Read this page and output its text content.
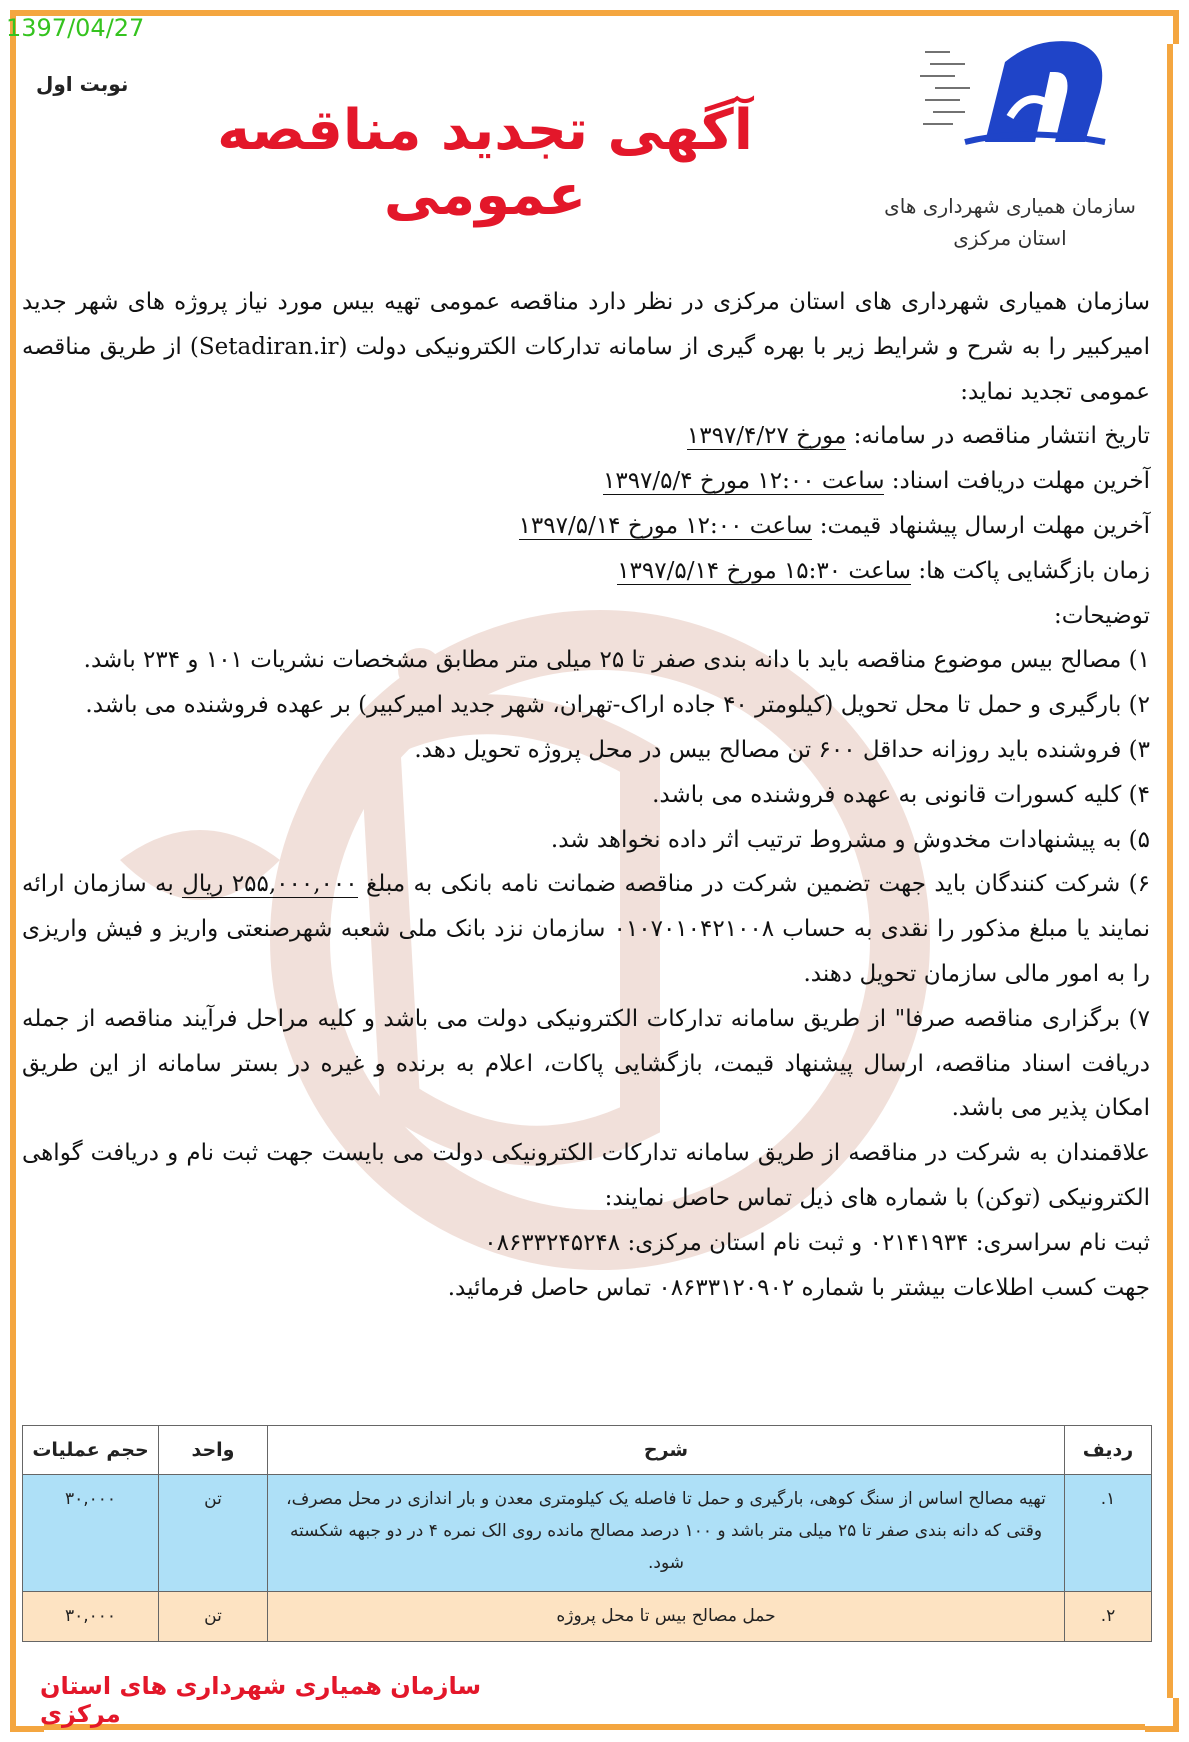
1397/04/27
نوبت اول
آگهی تجدید مناقصه عمومی	سازمان همیاری شهرداری های
استان مرکزی

سازمان همیاری شهرداری های استان مرکزی در نظر دارد مناقصه عمومی تهیه بیس مورد نیاز پروژه های شهر جدید امیرکبیر را به شرح و شرایط زیر با بهره گیری از سامانه تدارکات الکترونیکی دولت (Setadiran.ir) از طریق مناقصه عمومی تجدید نماید:

تاریخ انتشار مناقصه در سامانه: مورخ ۱۳۹۷/۴/۲۷

آخرین مهلت دریافت اسناد: ساعت ۱۲:۰۰ مورخ ۱۳۹۷/۵/۴

آخرین مهلت ارسال پیشنهاد قیمت: ساعت ۱۲:۰۰ مورخ ۱۳۹۷/۵/۱۴

زمان بازگشایی پاکت ها: ساعت ۱۵:۳۰ مورخ ۱۳۹۷/۵/۱۴

توضیحات:

۱) مصالح بیس موضوع مناقصه باید با دانه بندی صفر تا ۲۵ میلی متر مطابق مشخصات نشریات ۱۰۱ و ۲۳۴ باشد.

۲) بارگیری و حمل تا محل تحویل (کیلومتر ۴۰ جاده اراک-تهران، شهر جدید امیرکبیر) بر عهده فروشنده می باشد.

۳) فروشنده باید روزانه حداقل ۶۰۰ تن مصالح بیس در محل پروژه تحویل دهد.

۴) کلیه کسورات قانونی به عهده فروشنده می باشد.

۵) به پیشنهادات مخدوش و مشروط ترتیب اثر داده نخواهد شد.

۶) شرکت کنندگان باید جهت تضمین شرکت در مناقصه ضمانت نامه بانکی به مبلغ ۲۵۵,۰۰۰,۰۰۰ ریال به سازمان ارائه نمایند یا مبلغ مذکور را نقدی به حساب ۰۱۰۷۰۱۰۴۲۱۰۰۸ سازمان نزد بانک ملی شعبه شهرصنعتی واریز و فیش واریزی را به امور مالی سازمان تحویل دهند.

۷) برگزاری مناقصه صرفا" از طریق سامانه تدارکات الکترونیکی دولت می باشد و کلیه مراحل فرآیند مناقصه از جمله دریافت اسناد مناقصه، ارسال پیشنهاد قیمت، بازگشایی پاکات، اعلام به برنده و غیره در بستر سامانه از این طریق امکان پذیر می باشد.

علاقمندان به شرکت در مناقصه از طریق سامانه تدارکات الکترونیکی دولت می بایست جهت ثبت نام و دریافت گواهی الکترونیکی (توکن) با شماره های ذیل تماس حاصل نمایند:

ثبت نام سراسری: ۰۲۱۴۱۹۳۴ و ثبت نام استان مرکزی: ۰۸۶۳۳۲۴۵۲۴۸

جهت کسب اطلاعات بیشتر با شماره ۰۸۶۳۳۱۲۰۹۰۲ تماس حاصل فرمائید.

ردیف	شرح	واحد	حجم عملیات
۱.	تهیه مصالح اساس از سنگ کوهی، بارگیری و حمل تا فاصله یک کیلومتری معدن و بار اندازی در محل مصرف، وقتی که دانه بندی صفر تا ۲۵ میلی متر باشد و ۱۰۰ درصد مصالح مانده روی الک نمره ۴ در دو جبهه شکسته شود.	تن	۳۰,۰۰۰
۲.	حمل مصالح بیس تا محل پروژه	تن	۳۰,۰۰۰
سازمان همیاری شهرداری های استان مرکزی
